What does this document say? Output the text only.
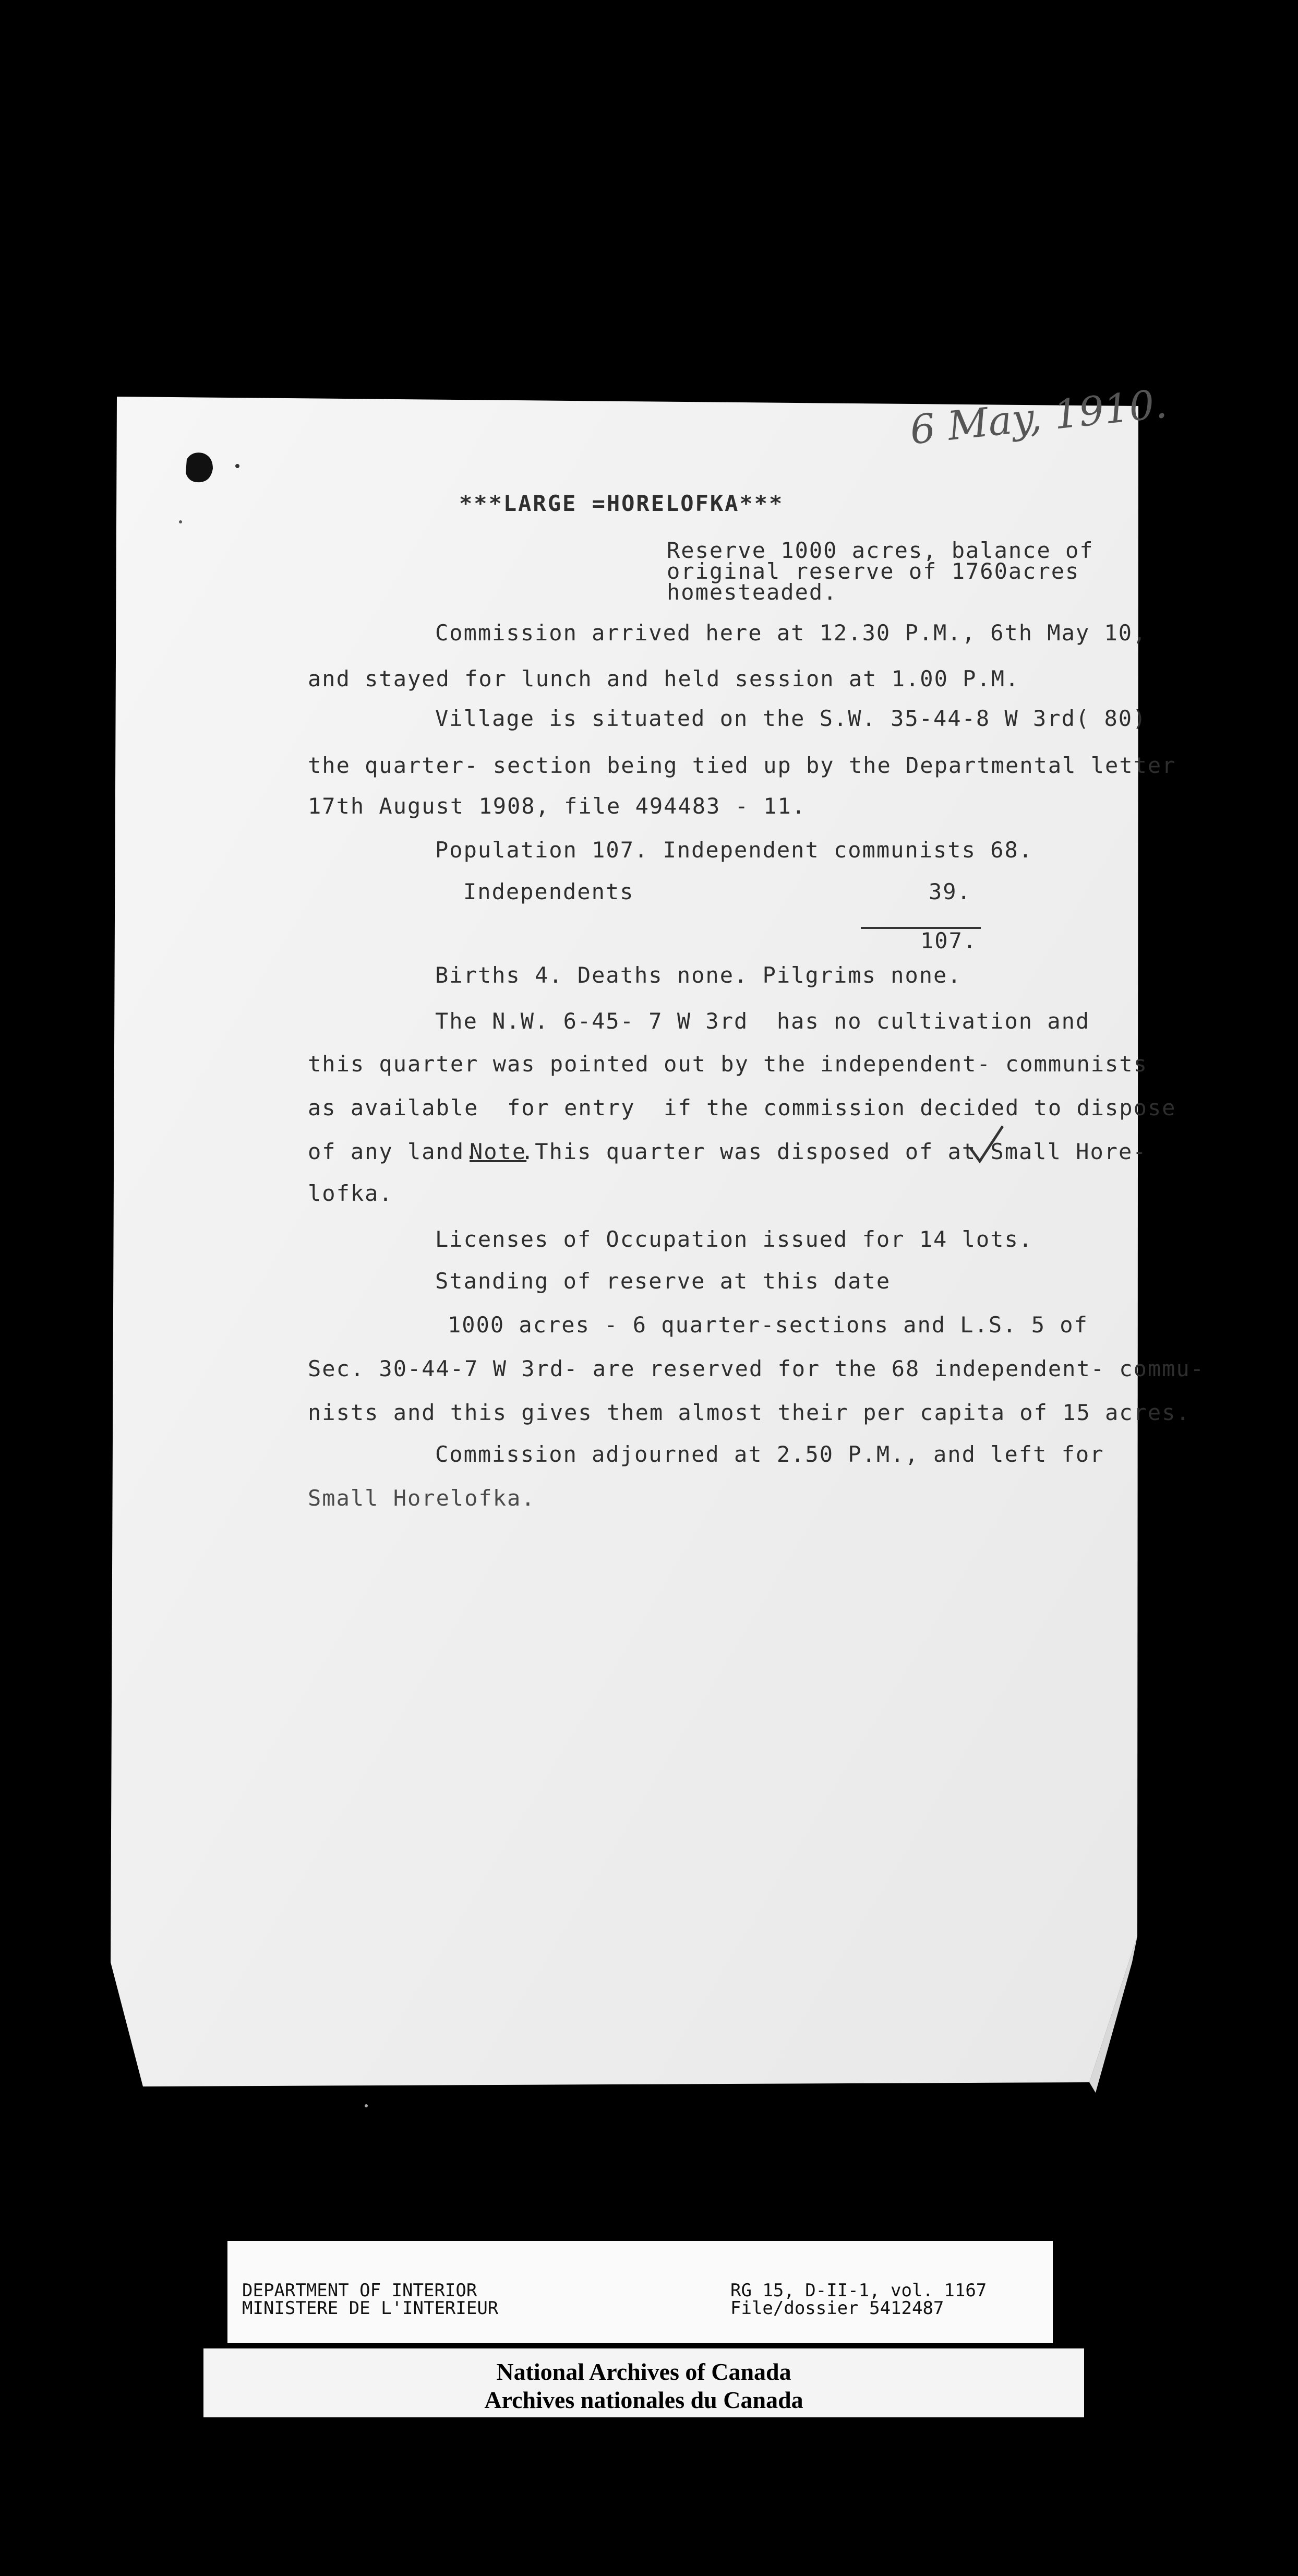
6 May, 1910.
***LARGE =HORELOFKA***
Reserve 1000 acres, balance of
original reserve of 1760acres
homesteaded.
Commission arrived here at 12.30 P.M., 6th May 10,
and stayed for lunch and held session at 1.00 P.M.
Village is situated on the S.W. 35-44-8 W 3rd( 80)
the quarter- section being tied up by the Departmental letter
17th August 1908, file 494483 - 11.
Population 107. Independent communists 68.
Independents	39.
107.
Births 4. Deaths none. Pilgrims none.
The N.W. 6-45- 7 W 3rd  has no cultivation and
this quarter was pointed out by the independent- communists
as available  for entry  if the commission decided to dispose
of any land.
Note
.This quarter was disposed of at Small Hore-
lofka.
Licenses of Occupation issued for 14 lots.
Standing of reserve at this date
1000 acres - 6 quarter-sections and L.S. 5 of
Sec. 30-44-7 W 3rd- are reserved for the 68 independent- commu-
nists and this gives them almost their per capita of 15 acres.
Commission adjourned at 2.50 P.M., and left for
Small Horelofka.
DEPARTMENT OF INTERIOR
MINISTERE DE L'INTERIEUR
RG 15, D-II-1, vol. 1167
File/dossier 5412487
National Archives of Canada
Archives nationales du Canada
